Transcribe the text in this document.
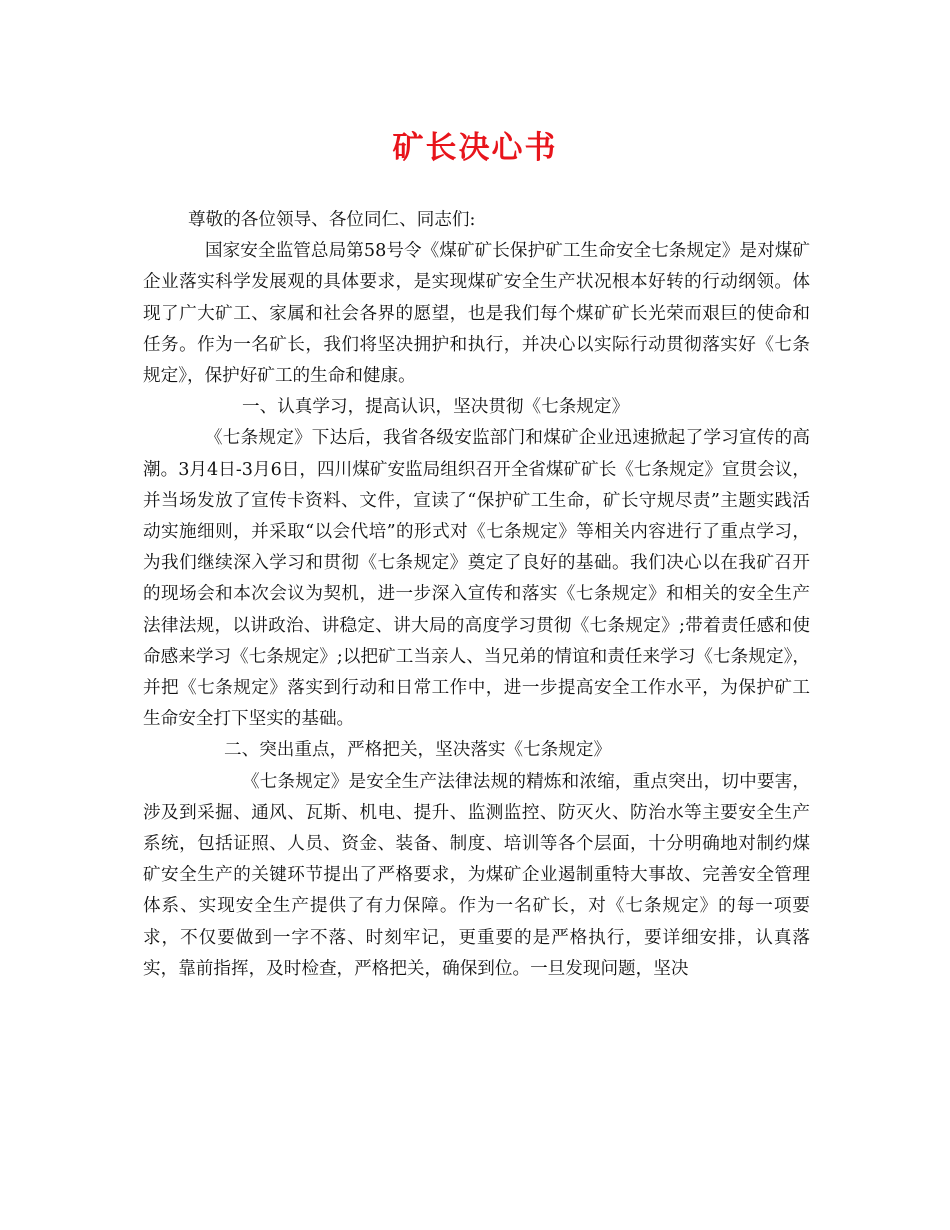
矿长决心书

尊敬的各位领导、各位同仁、同志们:

国家安全监管总局第58号令《煤矿矿长保护矿工生命安全七条规定》是对煤矿企业落实科学发展观的具体要求，是实现煤矿安全生产状况根本好转的行动纲领。体现了广大矿工、家属和社会各界的愿望，也是我们每个煤矿矿长光荣而艰巨的使命和任务。作为一名矿长，我们将坚决拥护和执行，并决心以实际行动贯彻落实好《七条规定》，保护好矿工的生命和健康。

一、认真学习，提高认识，坚决贯彻《七条规定》

《七条规定》下达后，我省各级安监部门和煤矿企业迅速掀起了学习宣传的高潮。3月4日-3月6日，四川煤矿安监局组织召开全省煤矿矿长《七条规定》宣贯会议，并当场发放了宣传卡资料、文件，宣读了“保护矿工生命，矿长守规尽责”主题实践活动实施细则，并采取“以会代培”的形式对《七条规定》等相关内容进行了重点学习，为我们继续深入学习和贯彻《七条规定》奠定了良好的基础。我们决心以在我矿召开的现场会和本次会议为契机，进一步深入宣传和落实《七条规定》和相关的安全生产法律法规，以讲政治、讲稳定、讲大局的高度学习贯彻《七条规定》;带着责任感和使命感来学习《七条规定》;以把矿工当亲人、当兄弟的情谊和责任来学习《七条规定》，并把《七条规定》落实到行动和日常工作中，进一步提高安全工作水平，为保护矿工生命安全打下坚实的基础。

二、突出重点，严格把关，坚决落实《七条规定》

《七条规定》是安全生产法律法规的精炼和浓缩，重点突出，切中要害，涉及到采掘、通风、瓦斯、机电、提升、监测监控、防灭火、防治水等主要安全生产系统，包括证照、人员、资金、装备、制度、培训等各个层面，十分明确地对制约煤矿安全生产的关键环节提出了严格要求，为煤矿企业遏制重特大事故、完善安全管理体系、实现安全生产提供了有力保障。作为一名矿长，对《七条规定》的每一项要求，不仅要做到一字不落、时刻牢记，更重要的是严格执行，要详细安排，认真落实，靠前指挥，及时检查，严格把关，确保到位。一旦发现问题，坚决
